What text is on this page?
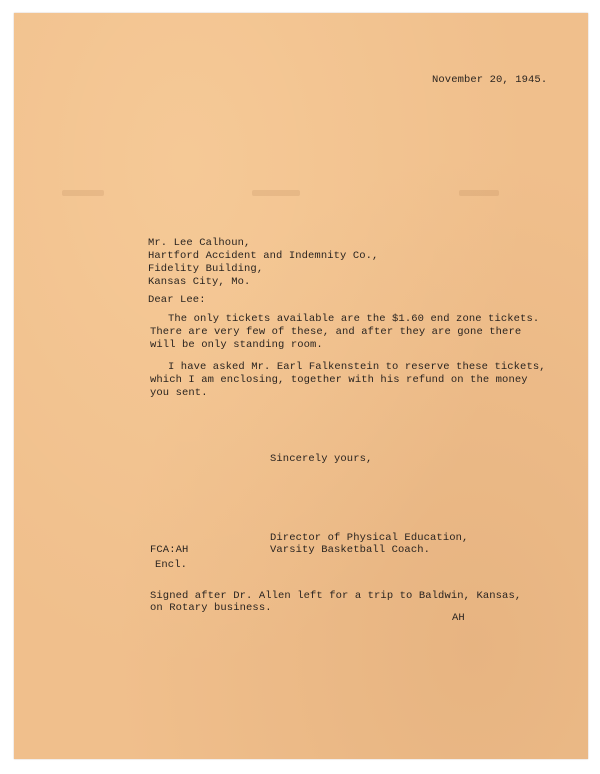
November 20, 1945.
Mr. Lee Calhoun,
Hartford Accident and Indemnity Co.,
Fidelity Building,
Kansas City, Mo.
Dear Lee:
The only tickets available are the $1.60 end zone tickets.
There are very few of these, and after they are gone there
will be only standing room.
I have asked Mr. Earl Falkenstein to reserve these tickets,
which I am enclosing, together with his refund on the money
you sent.
Sincerely yours,
Director of Physical Education,
Varsity Basketball Coach.
FCA:AH
Encl.
Signed after Dr. Allen left for a trip to Baldwin, Kansas,
on Rotary business.
AH
